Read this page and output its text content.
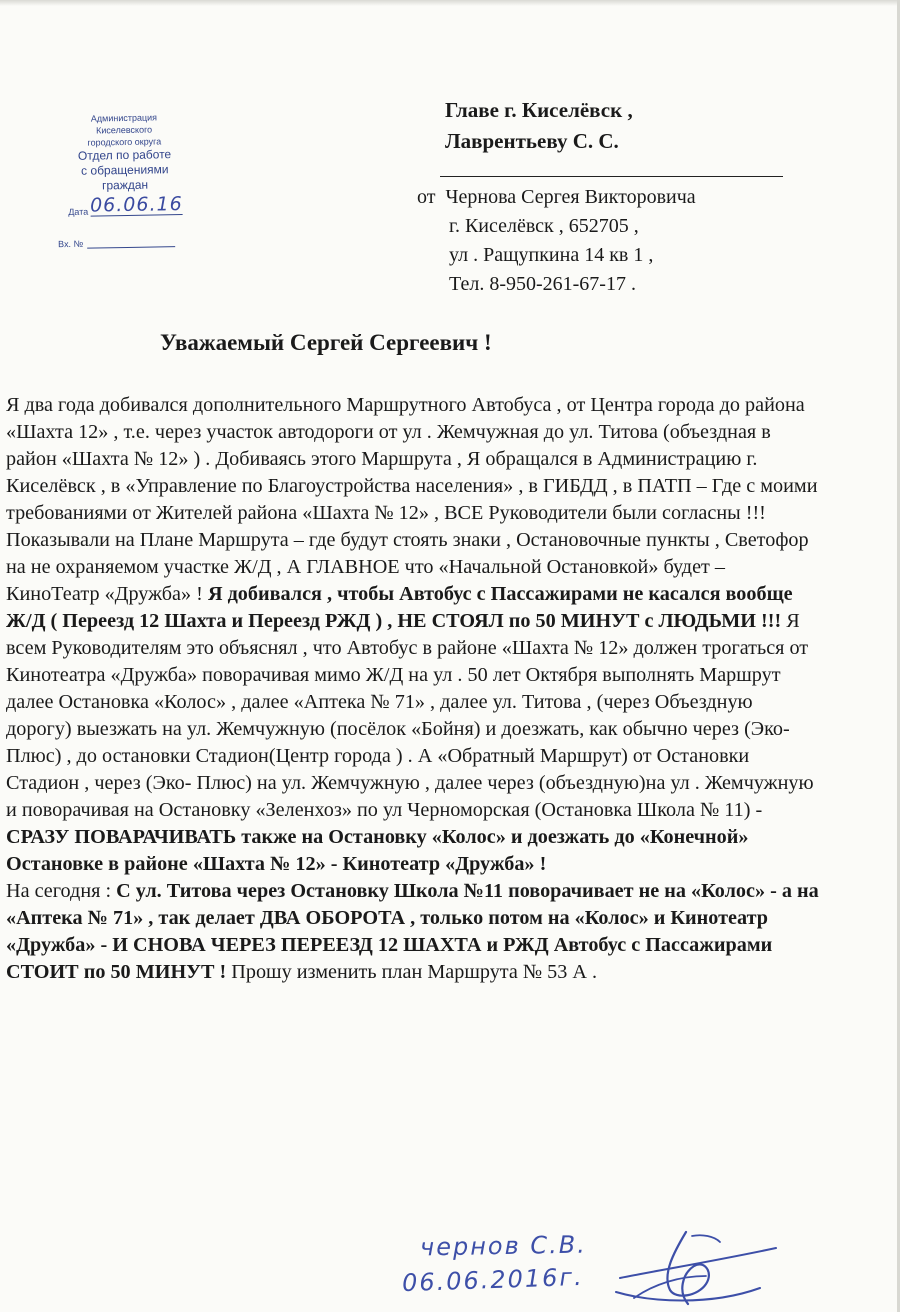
Администрация
Киселевского
городского округа
Отдел по работе
с обращениями
граждан
Дата 06.06.16
Вх. №
Главе г. Киселёвск ,
Лаврентьеву С. С.
от Чернова Сергея Викторовича
г. Киселёвск , 652705 ,
ул . Ращупкина 14 кв 1 ,
Тел. 8-950-261-67-17 .
Уважаемый Сергей Сергеевич !

Я два года добивался дополнительного Маршрутного Автобуса , от Центра города до района «Шахта 12» , т.е. через участок автодороги от ул . Жемчужная до ул. Титова (объездная в район «Шахта № 12» ) . Добиваясь этого Маршрута , Я обращался в Администрацию г. Киселёвск , в «Управление по Благоустройства населения» , в ГИБДД , в ПАТП – Где с моими требованиями от Жителей района «Шахта № 12» , ВСЕ Руководители были согласны !!! Показывали на Плане Маршрута – где будут стоять знаки , Остановочные пункты , Светофор на не охраняемом участке Ж/Д , А ГЛАВНОЕ что «Начальной Остановкой» будет – КиноТеатр «Дружба» ! Я добивался , чтобы Автобус с Пассажирами не касался вообще Ж/Д ( Переезд 12 Шахта и Переезд РЖД ) , НЕ СТОЯЛ по 50 МИНУТ с ЛЮДЬМИ !!! Я всем Руководителям это объяснял , что Автобус в районе «Шахта № 12» должен трогаться от Кинотеатра «Дружба» поворачивая мимо Ж/Д на ул . 50 лет Октября выполнять Маршрут далее Остановка «Колос» , далее «Аптека № 71» , далее ул. Титова , (через Объездную дорогу) выезжать на ул. Жемчужную (посёлок «Бойня) и доезжать, как обычно через (Эко- Плюс) , до остановки Стадион(Центр города ) . А «Обратный Маршрут) от Остановки Стадион , через (Эко- Плюс) на ул. Жемчужную , далее через (объездную)на ул . Жемчужную и поворачивая на Остановку «Зеленхоз» по ул Черноморская (Остановка Школа № 11) - СРАЗУ ПОВАРАЧИВАТЬ также на Остановку «Колос» и доезжать до «Конечной» Остановке в районе «Шахта № 12» - Кинотеатр «Дружба» !

На сегодня : С ул. Титова через Остановку Школа №11 поворачивает не на «Колос» - а на «Аптека № 71» , так делает ДВА ОБОРОТА , только потом на «Колос» и Кинотеатр «Дружба» - И СНОВА ЧЕРЕЗ ПЕРЕЕЗД 12 ШАХТА и РЖД Автобус с Пассажирами СТОИТ по 50 МИНУТ ! Прошу изменить план Маршрута № 53 А .

чернов С.В.
06.06.2016г.
